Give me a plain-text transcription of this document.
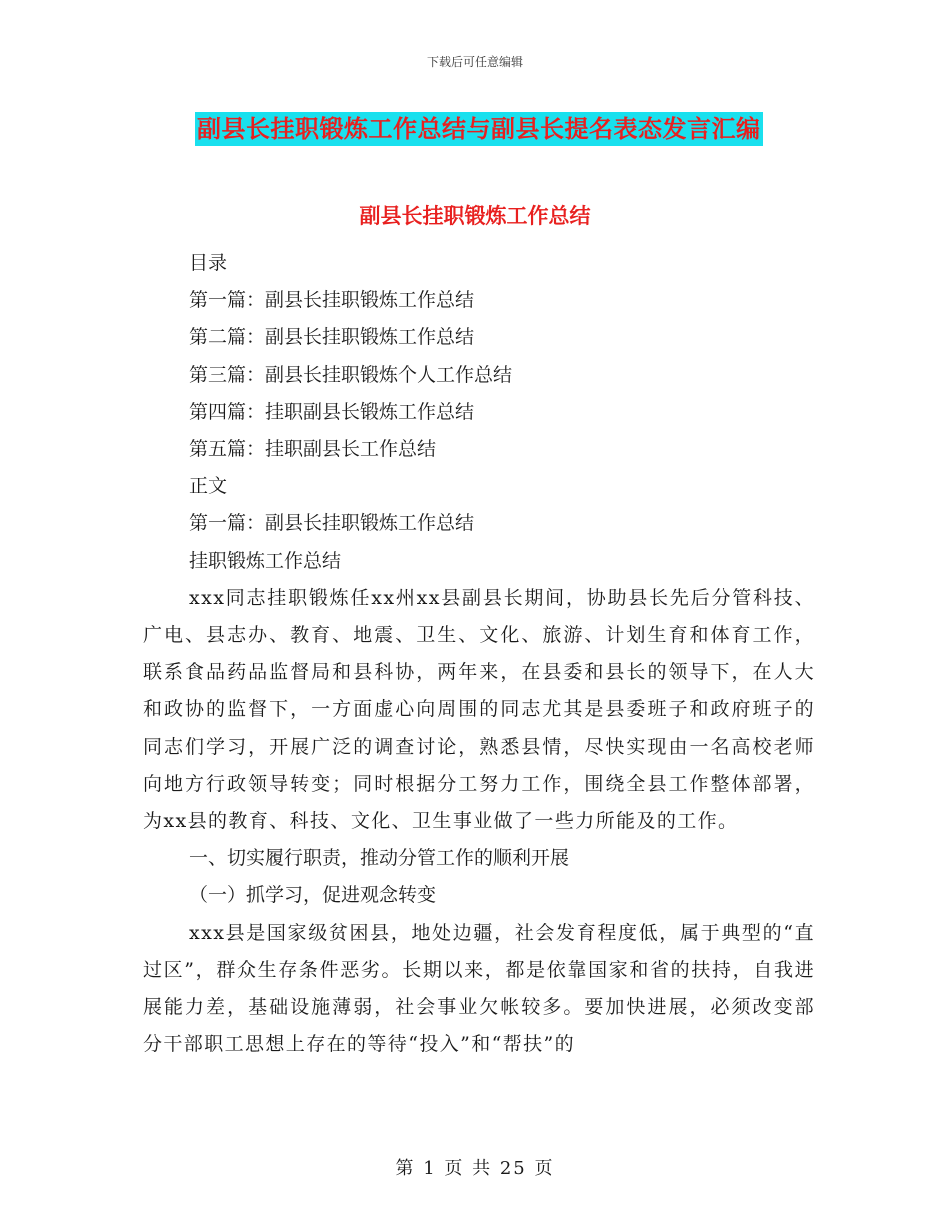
下载后可任意编辑
副县长挂职锻炼工作总结与副县长提名表态发言汇编
副县长挂职锻炼工作总结

目录

第一篇：副县长挂职锻炼工作总结

第二篇：副县长挂职锻炼工作总结

第三篇：副县长挂职锻炼个人工作总结

第四篇：挂职副县长锻炼工作总结

第五篇：挂职副县长工作总结

正文

第一篇：副县长挂职锻炼工作总结

挂职锻炼工作总结

xxx同志挂职锻炼任xx州xx县副县长期间，协助县长先后分管科技、广电、县志办、教育、地震、卫生、文化、旅游、计划生育和体育工作，联系食品药品监督局和县科协，两年来，在县委和县长的领导下，在人大和政协的监督下，一方面虚心向周围的同志尤其是县委班子和政府班子的同志们学习，开展广泛的调查讨论，熟悉县情，尽快实现由一名高校老师向地方行政领导转变；同时根据分工努力工作，围绕全县工作整体部署，为xx县的教育、科技、文化、卫生事业做了一些力所能及的工作。

一、切实履行职责，推动分管工作的顺利开展

（一）抓学习，促进观念转变

xxx县是国家级贫困县，地处边疆，社会发育程度低，属于典型的“直过区”，群众生存条件恶劣。长期以来，都是依靠国家和省的扶持，自我进展能力差，基础设施薄弱，社会事业欠帐较多。要加快进展，必须改变部分干部职工思想上存在的等待“投入”和“帮扶”的

第 1 页 共 25 页
